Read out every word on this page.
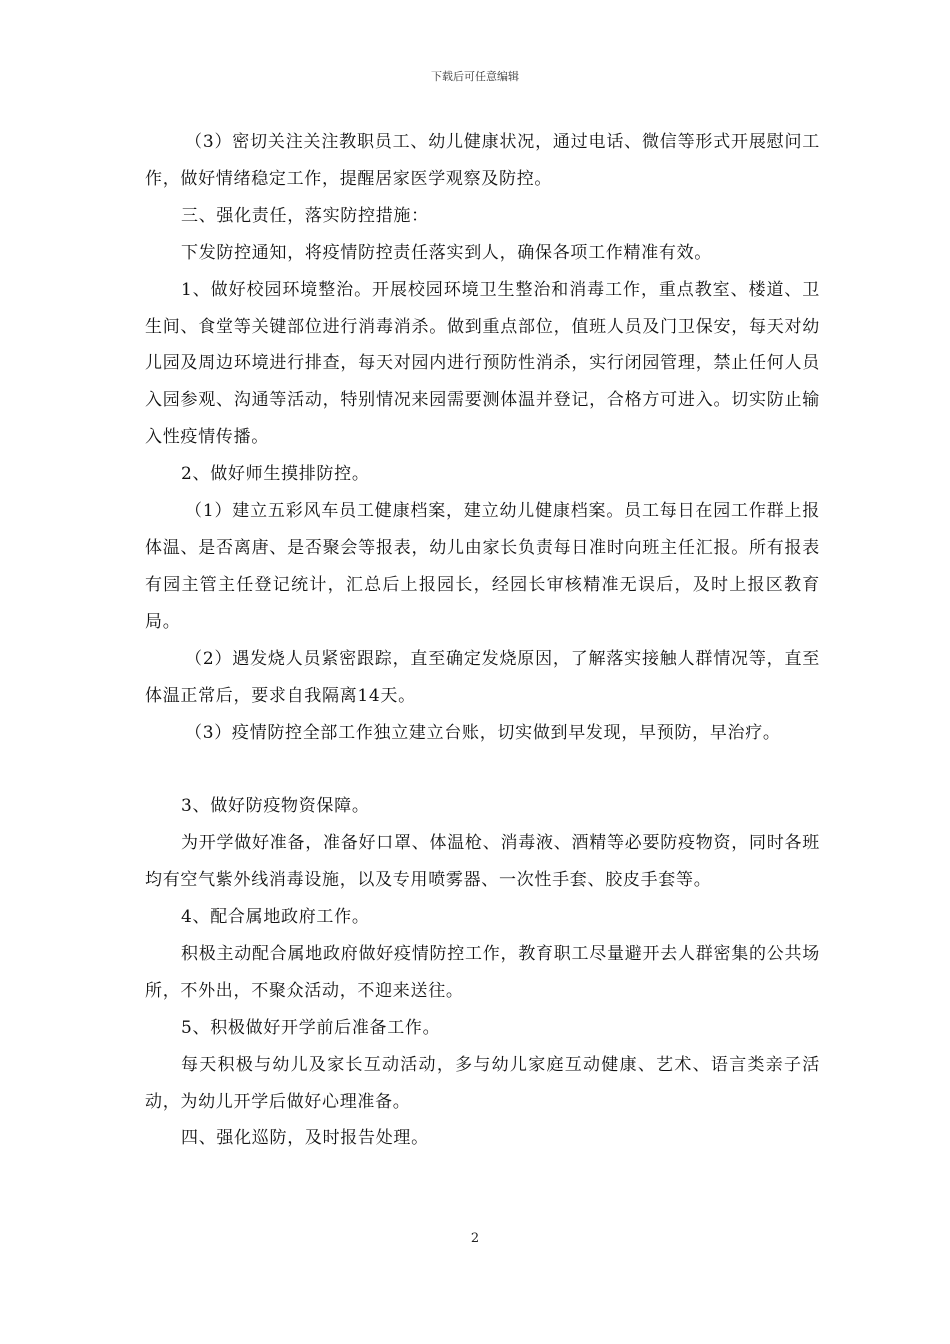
下载后可任意编辑

（3）密切关注关注教职员工、幼儿健康状况，通过电话、微信等形式开展慰问工作，做好情绪稳定工作，提醒居家医学观察及防控。

三、强化责任，落实防控措施：

下发防控通知，将疫情防控责任落实到人，确保各项工作精准有效。

1、做好校园环境整治。开展校园环境卫生整治和消毒工作，重点教室、楼道、卫生间、食堂等关键部位进行消毒消杀。做到重点部位，值班人员及门卫保安，每天对幼儿园及周边环境进行排查，每天对园内进行预防性消杀，实行闭园管理，禁止任何人员入园参观、沟通等活动，特别情况来园需要测体温并登记，合格方可进入。切实防止输入性疫情传播。

2、做好师生摸排防控。

（1）建立五彩风车员工健康档案，建立幼儿健康档案。员工每日在园工作群上报体温、是否离唐、是否聚会等报表，幼儿由家长负责每日准时向班主任汇报。所有报表有园主管主任登记统计，汇总后上报园长，经园长审核精准无误后，及时上报区教育局。

（2）遇发烧人员紧密跟踪，直至确定发烧原因，了解落实接触人群情况等，直至体温正常后，要求自我隔离14天。

（3）疫情防控全部工作独立建立台账，切实做到早发现，早预防，早治疗。

3、做好防疫物资保障。

为开学做好准备，准备好口罩、体温枪、消毒液、酒精等必要防疫物资，同时各班均有空气紫外线消毒设施，以及专用喷雾器、一次性手套、胶皮手套等。

4、配合属地政府工作。

积极主动配合属地政府做好疫情防控工作，教育职工尽量避开去人群密集的公共场所，不外出，不聚众活动，不迎来送往。

5、积极做好开学前后准备工作。

每天积极与幼儿及家长互动活动，多与幼儿家庭互动健康、艺术、语言类亲子活动，为幼儿开学后做好心理准备。

四、强化巡防，及时报告处理。

2
